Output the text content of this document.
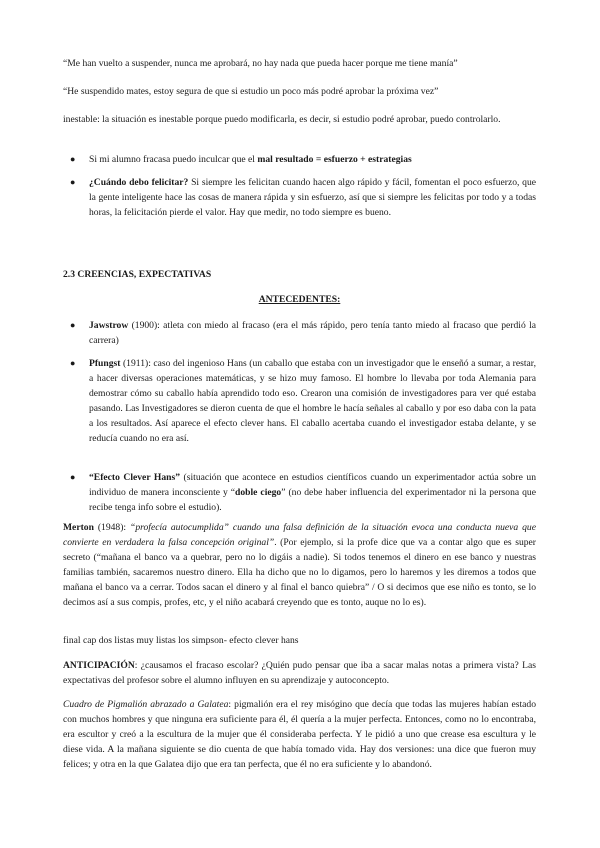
“Me han vuelto a suspender, nunca me aprobará, no hay nada que pueda hacer porque me tiene manía”

“He suspendido mates, estoy segura de que si estudio un poco más podré aprobar la próxima vez”

inestable: la situación es inestable porque puedo modificarla, es decir, si estudio podré aprobar, puedo controlarlo.

● Si mi alumno fracasa puedo inculcar que el mal resultado = esfuerzo + estrategias
● ¿Cuándo debo felicitar? Si siempre les felicitan cuando hacen algo rápido y fácil, fomentan el poco esfuerzo, que la gente inteligente hace las cosas de manera rápida y sin esfuerzo, así que si siempre les felicitas por todo y a todas horas, la felicitación pierde el valor. Hay que medir, no todo siempre es bueno.

2.3 CREENCIAS, EXPECTATIVAS

ANTECEDENTES:

● Jawstrow (1900): atleta con miedo al fracaso (era el más rápido, pero tenía tanto miedo al fracaso que perdió la carrera)
● Pfungst (1911): caso del ingenioso Hans (un caballo que estaba con un investigador que le enseñó a sumar, a restar, a hacer diversas operaciones matemáticas, y se hizo muy famoso. El hombre lo llevaba por toda Alemania para demostrar cómo su caballo había aprendido todo eso. Crearon una comisión de investigadores para ver qué estaba pasando. Las Investigadores se dieron cuenta de que el hombre le hacía señales al caballo y por eso daba con la pata a los resultados. Así aparece el efecto clever hans. El caballo acertaba cuando el investigador estaba delante, y se reducía cuando no era así.
● “Efecto Clever Hans” (situación que acontece en estudios científicos cuando un experimentador actúa sobre un individuo de manera inconsciente y “doble ciego” (no debe haber influencia del experimentador ni la persona que recibe tenga info sobre el estudio).

Merton (1948): “profecía autocumplida” cuando una falsa definición de la situación evoca una conducta nueva que convierte en verdadera la falsa concepción original”. (Por ejemplo, si la profe dice que va a contar algo que es super secreto (“mañana el banco va a quebrar, pero no lo digáis a nadie). Si todos tenemos el dinero en ese banco y nuestras familias también, sacaremos nuestro dinero. Ella ha dicho que no lo digamos, pero lo haremos y les diremos a todos que mañana el banco va a cerrar. Todos sacan el dinero y al final el banco quiebra” / O si decimos que ese niño es tonto, se lo decimos así a sus compis, profes, etc, y el niño acabará creyendo que es tonto, auque no lo es).

final cap dos listas muy listas los simpson- efecto clever hans

ANTICIPACIÓN: ¿causamos el fracaso escolar? ¿Quién pudo pensar que iba a sacar malas notas a primera vista? Las expectativas del profesor sobre el alumno influyen en su aprendizaje y autoconcepto.

Cuadro de Pigmalión abrazado a Galatea: pigmalión era el rey misógino que decía que todas las mujeres habían estado con muchos hombres y que ninguna era suficiente para él, él quería a la mujer perfecta. Entonces, como no lo encontraba, era escultor y creó a la escultura de la mujer que él consideraba perfecta. Y le pidió a uno que crease esa escultura y le diese vida. A la mañana siguiente se dio cuenta de que había tomado vida. Hay dos versiones: una dice que fueron muy felices; y otra en la que Galatea dijo que era tan perfecta, que él no era suficiente y lo abandonó.
